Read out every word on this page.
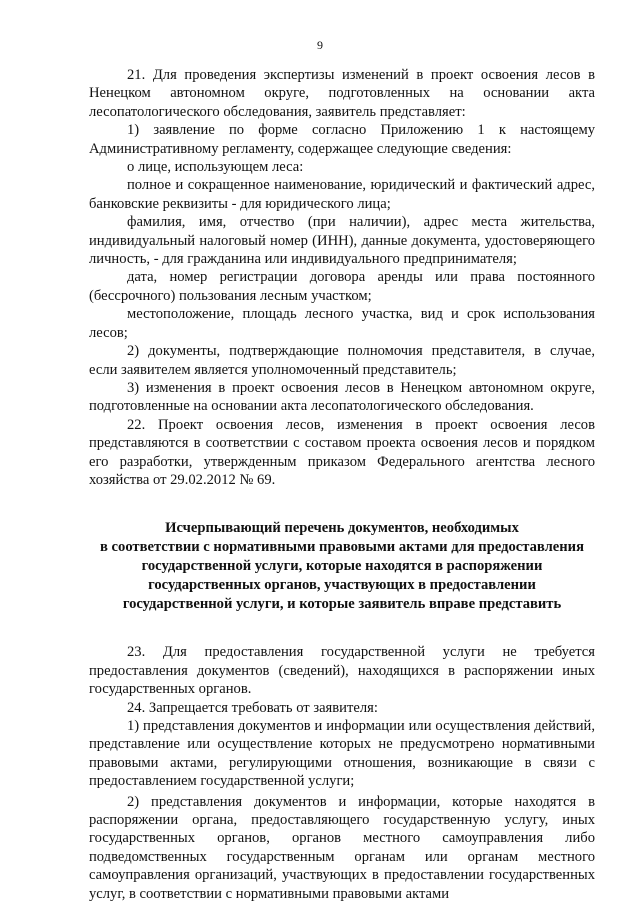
9

21. Для проведения экспертизы изменений в проект освоения лесов в Ненецком автономном округе, подготовленных на основании акта лесопатологического обследования, заявитель представляет:

1) заявление по форме согласно Приложению 1 к настоящему Административному регламенту, содержащее следующие сведения:

о лице, использующем леса:

полное и сокращенное наименование, юридический и фактический адрес, банковские реквизиты - для юридического лица;

фамилия, имя, отчество (при наличии), адрес места жительства, индивидуальный налоговый номер (ИНН), данные документа, удостоверяющего личность, - для гражданина или индивидуального предпринимателя;

дата, номер регистрации договора аренды или права постоянного (бессрочного) пользования лесным участком;

местоположение, площадь лесного участка, вид и срок использования лесов;

2) документы, подтверждающие полномочия представителя, в случае, если заявителем является уполномоченный представитель;

3) изменения в проект освоения лесов в Ненецком автономном округе, подготовленные на основании акта лесопатологического обследования.

22. Проект освоения лесов, изменения в проект освоения лесов представляются в соответствии с составом проекта освоения лесов и порядком его разработки, утвержденным приказом Федерального агентства лесного хозяйства от 29.02.2012 № 69.

Исчерпывающий перечень документов, необходимых
в соответствии с нормативными правовыми актами для предоставления
государственной услуги, которые находятся в распоряжении
государственных органов, участвующих в предоставлении
государственной услуги, и которые заявитель вправе представить

23. Для предоставления государственной услуги не требуется предоставления документов (сведений), находящихся в распоряжении иных государственных органов.

24. Запрещается требовать от заявителя:

1) представления документов и информации или осуществления действий, представление или осуществление которых не предусмотрено нормативными правовыми актами, регулирующими отношения, возникающие в связи с предоставлением государственной услуги;

2) представления документов и информации, которые находятся в распоряжении органа, предоставляющего государственную услугу, иных государственных органов, органов местного самоуправления либо подведомственных государственным органам или органам местного самоуправления организаций, участвующих в предоставлении государственных услуг, в соответствии с нормативными правовыми актами
